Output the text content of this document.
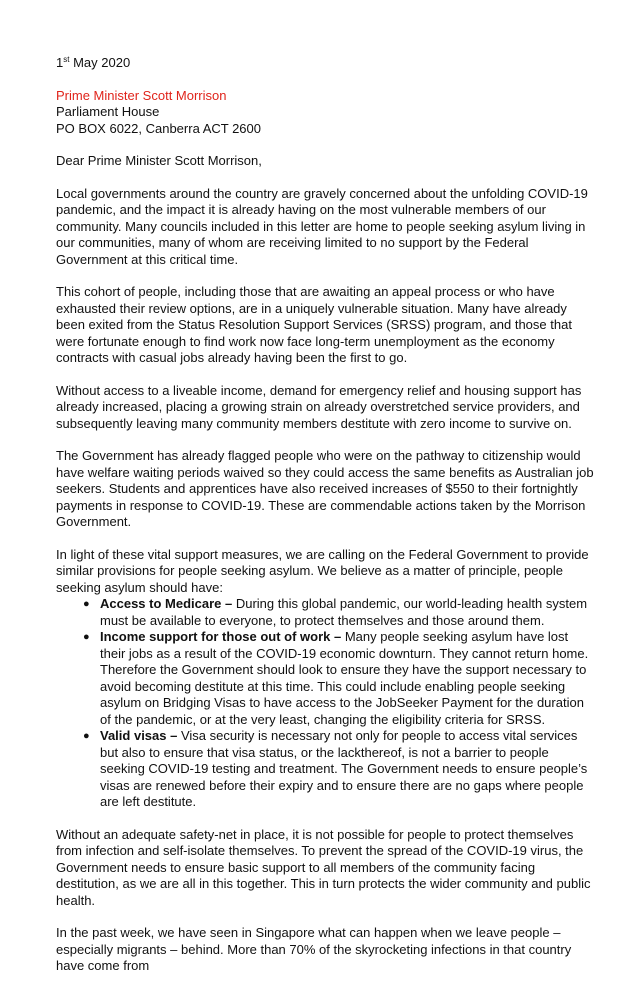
1st May 2020
Prime Minister Scott Morrison
Parliament House
PO BOX 6022, Canberra ACT 2600

Dear Prime Minister Scott Morrison,

Local governments around the country are gravely concerned about the unfolding COVID-19 pandemic, and the impact it is already having on the most vulnerable members of our community. Many councils included in this letter are home to people seeking asylum living in our communities, many of whom are receiving limited to no support by the Federal Government at this critical time.

This cohort of people, including those that are awaiting an appeal process or who have exhausted their review options, are in a uniquely vulnerable situation. Many have already been exited from the Status Resolution Support Services (SRSS) program, and those that were fortunate enough to find work now face long-term unemployment as the economy contracts with casual jobs already having been the first to go.

Without access to a liveable income, demand for emergency relief and housing support has already increased, placing a growing strain on already overstretched service providers, and subsequently leaving many community members destitute with zero income to survive on.

The Government has already flagged people who were on the pathway to citizenship would have welfare waiting periods waived so they could access the same benefits as Australian job seekers. Students and apprentices have also received increases of $550 to their fortnightly payments in response to COVID-19. These are commendable actions taken by the Morrison Government.

In light of these vital support measures, we are calling on the Federal Government to provide similar provisions for people seeking asylum. We believe as a matter of principle, people seeking asylum should have:

● Access to Medicare – During this global pandemic, our world-leading health system must be available to everyone, to protect themselves and those around them.
● Income support for those out of work – Many people seeking asylum have lost their jobs as a result of the COVID-19 economic downturn. They cannot return home. Therefore the Government should look to ensure they have the support necessary to avoid becoming destitute at this time. This could include enabling people seeking asylum on Bridging Visas to have access to the JobSeeker Payment for the duration of the pandemic, or at the very least, changing the eligibility criteria for SRSS.
● Valid visas – Visa security is necessary not only for people to access vital services but also to ensure that visa status, or the lackthereof, is not a barrier to people seeking COVID-19 testing and treatment. The Government needs to ensure people’s visas are renewed before their expiry and to ensure there are no gaps where people are left destitute.

Without an adequate safety-net in place, it is not possible for people to protect themselves from infection and self-isolate themselves. To prevent the spread of the COVID-19 virus, the Government needs to ensure basic support to all members of the community facing destitution, as we are all in this together. This in turn protects the wider community and public health.

In the past week, we have seen in Singapore what can happen when we leave people – especially migrants – behind. More than 70% of the skyrocketing infections in that country have come from
